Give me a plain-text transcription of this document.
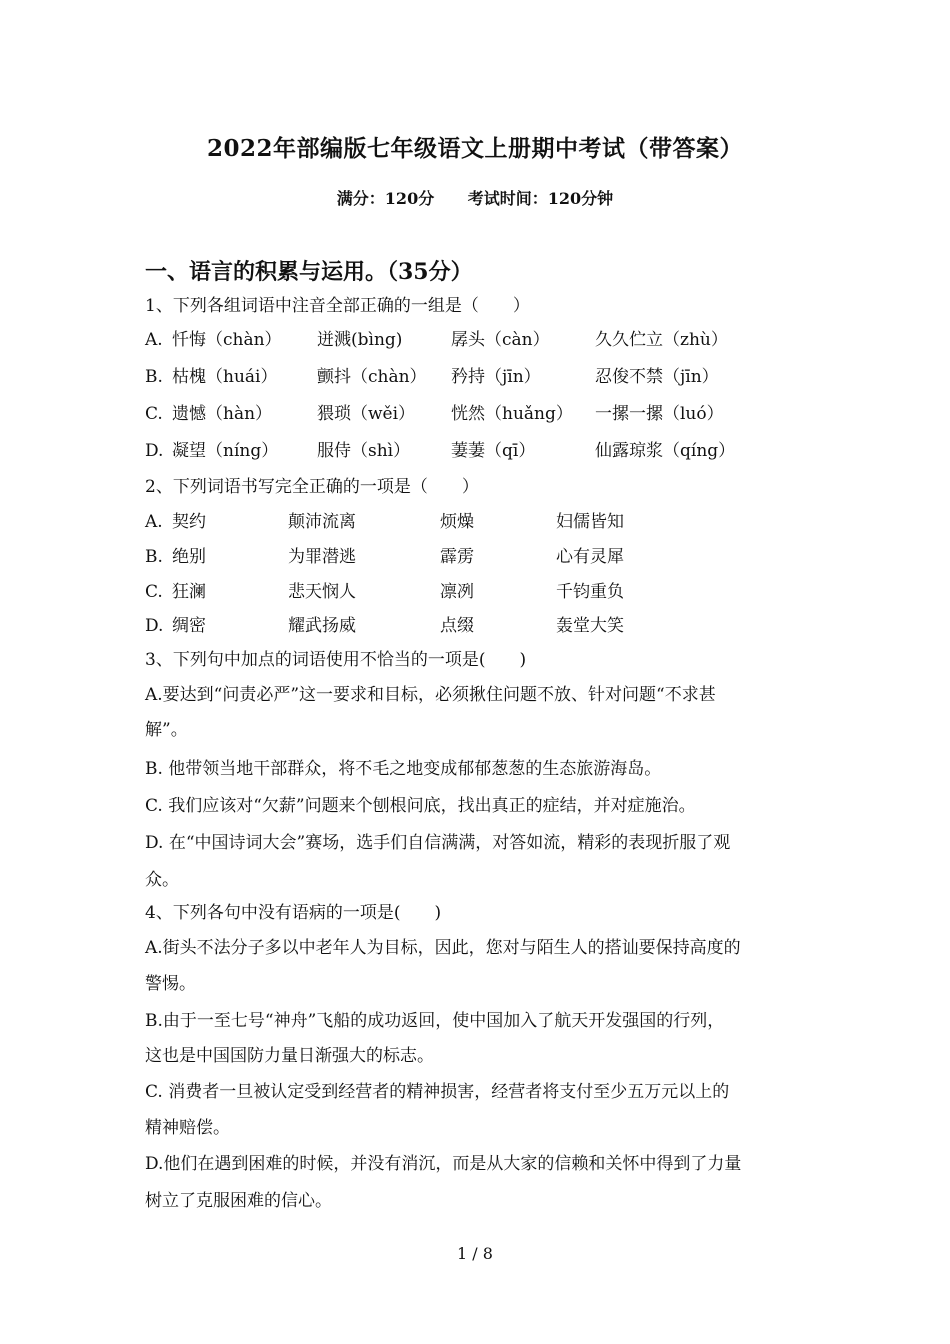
2022年部编版七年级语文上册期中考试（带答案）
满分：120分 考试时间：120分钟
一、语言的积累与运用。（35分）
1、下列各组词语中注音全部正确的一组是（　　）
A. 忏悔（chàn） 迸溅(bìng)	孱头（càn）	久久伫立（zhù）
B. 枯槐（huái） 颤抖（chàn） 矜持（jīn）	忍俊不禁（jīn）
C. 遗憾（hàn）	猥琐（wěi） 恍然（huǎng） 一摞一摞（luó）
D. 凝望（níng） 服侍（shì） 萋萋（qī）	仙露琼浆（qíng）
2、下列词语书写完全正确的一项是（　　）
A. 契约	颠沛流离	烦燥	妇儒皆知
B. 绝别	为罪潜逃	霹雳	心有灵犀
C. 狂澜	悲天悯人	凛冽	千钧重负
D. 绸密	耀武扬威	点缀	轰堂大笑
3、下列句中加点的词语使用不恰当的一项是(　　)
A.要达到“问责必严”这一要求和目标，必须揪住问题不放、针对问题“不求甚
解”。
B. 他带领当地干部群众，将不毛之地变成郁郁葱葱的生态旅游海岛。
C. 我们应该对“欠薪”问题来个刨根问底，找出真正的症结，并对症施治。
D. 在“中国诗词大会”赛场，选手们自信满满，对答如流，精彩的表现折服了观
众。
4、下列各句中没有语病的一项是(　　)
A.街头不法分子多以中老年人为目标，因此，您对与陌生人的搭讪要保持高度的
警惕。
B.由于一至七号“神舟”飞船的成功返回，使中国加入了航天开发强国的行列，
这也是中国国防力量日渐强大的标志。
C. 消费者一旦被认定受到经营者的精神损害，经营者将支付至少五万元以上的
精神赔偿。
D.他们在遇到困难的时候，并没有消沉，而是从大家的信赖和关怀中得到了力量
树立了克服困难的信心。
1 / 8
